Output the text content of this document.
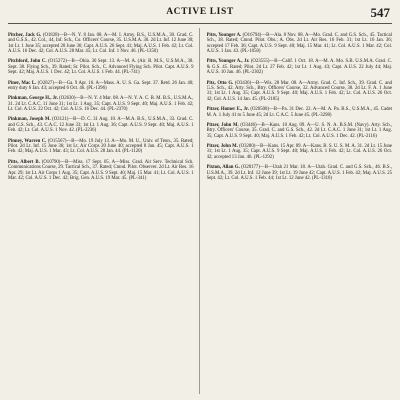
ACTIVE LIST	547

Pitcher, Jack G. (O1828)—B—N. Y. 8 Jan. 08. A—M. I. Army. B.S., U.S.M.A., 30. Grad. C. and G.S.S., 42. Col., 44, Inf. Sch., Co. Officers' Course, 35. U.S.M.A. 30. 2d Lt. Inf. 12 June 30; 1st Lt. 1 June 35; accepted 20 June 36; Capt. A.U.S. 26 Sept. 41; Maj. A.U.S. 1 Feb. 42; Lt. Col. A.U.S. 16 Dec. 42; Col. A.U.S. 28 Mar. 45; Lt. Col. Inf. 1 Nov. 46. (PL-1350)

Pitchford, John C. (O15272)—B—Okla. 30 Sept. 13. A—M. A. (Air. B. M.S., U.S.M.A., 38. Sept. 38. Flying Sch., 39. Rated; Sr. Pilot. Sch., C. Advanced Flying Sch. Pilot. Capt. A.U.S. 9 Sept. 42; Maj. A.U.S. 1 Dec. 42; Lt. Col. A.U.S. 1 Feb. 44. (PL-741)

Piner, Mac L. (O2027)—B—Ga. 9 Apr. 16. A—Mass. A. U. S. Ga. Sept. 37. Retd. 26 Jan. 40; entry duty 6 Jan. 43; accepted 6 Oct. 46. (PL-1396)

Pinkman, George H., Jr. (O2630)—B—N. Y. 4 Mar. 08. A—N. Y. A. C. B. M. B.S., U.S.M.A., 31. 2d Lt. C.A.C. 11 June 31; 1st Lt. 1 Aug. 35; Capt. A.U.S. 9 Sept. 40; Maj. A.U.S. 1 Feb. 42; Lt. Col. A.U.S. 22 Oct. 42; Col. A.U.S. 16 Dec. 44. (PL-2370)

Pinkman, Joseph M. (O3121)—B—D. C. 31 Aug. 10. A—M.A. B.S., U.S.M.A., 33. Grad. C. and G.S. Sch., 43. C.A.C. 12 June 33; 1st Lt. 1 Aug. 36; Capt. A.U.S. 9 Sept. 40; Maj. A.U.S. 1 Feb. 42; Lt. Col. A.U.S. 1 Nov. 42. (PL-2236)

Pinney, Warren C. (O15567)—B—Mo. 19 July 13. A—Mo. M. U., Univ. of Tenn., 35. Rated; Pilot. 2d Lt. Inf. 15 June 36; 1st Lt. Air Corps 20 June 40; accepted 8 Jan. 45; Capt. A.U.S. 1 Feb. 42; Maj. A.U.S. 1 Mar. 43; Lt. Col. A.U.S. 28 Jan. 44. (PL-1120)

Pitts, Albert B. (O10790)—B—Miss. 17 Sept. 05. A—Miss. Grad. Air Serv. Technical Sch. Communications Course, 29. Tactical Sch., 37. Rated; Cmnd. Pilot. Observer. 2d Lt. Air Res. 16 Apr. 29; 1st Lt. Air Corps 1 Aug. 35; Capt. A.U.S. 9 Sept. 40; Maj. 15 Mar. 41; Lt. Col. A.U.S. 1 Mar. 42; Col. A.U.S. 1 Dec. 42; Brig. Gen. A.U.S. 19 Mar. 45. (PL-341)

Pitts, Younger A. (O16794)—B—Ala. 8 Nov. 08. A—Mo. Grad. C. and G.S. Sch., 45. Tactical Sch., 38. Rated; Cmnd. Pilot. Obs.; A. Obs. 2d Lt. Air Res. 16 Feb. 31; 1st Lt. 16 Jan. 36; accepted 17 Feb. 36; Capt. A.U.S. 9 Sept. 40; Maj. 15 Mar. 41; Lt. Col. A.U.S. 1 Mar. 42; Col. A.U.S. 1 Jan. 43. (PL-1050)

Pitts, Younger A., Jr. (O23555)—B—Calif. 1 Oct. 18. A—M. A. Mo. S.B. U.S.M.A. Grad. C. & G.S. 45. Rated; Pilot. 2d Lt. 27 Feb. 42; 1st Lt. 1 Aug. 43; Capt. A.U.S. 22 July 44; Maj. A.U.S. 10 Jan. 46. (PL-2302)

Pitz, Otto G. (O3436)—B—Wis. 28 Mar. 08. A—Army. Grad. C. Inf. Sch., 39. Grad. C. and G.S. Sch., 42. Arty. Sch., Btry. Officers' Course, 32. Advanced Course, 38. 2d Lt. F. A. 1 June 31; 1st Lt. 1 Aug. 35; Capt. A.U.S. 9 Sept. 40; Maj. A.U.S. 1 Feb. 42; Lt. Col. A.U.S. 26 Oct. 42; Col. A.U.S. 14 Jan. 45. (PL-2185)

Pitzer, Homer E., Jr. (O20500)—B—Pa. 31 Dec. 22. A—M. A. Pa. B.S., U.S.M.A., 45. Cadet M. A. 1 July 41 to 5 June 45; 2d Lt. C.A.C. 5 June 45. (PL-3298)

Pitzer, John M. (O3446)—B—Kans. 10 Aug. 09. A—U. S. N. A. B.S.M. (Navy). Arty. Sch., Btry. Officers' Course, 35. Grad. C. and G.S. Sch., 42. 2d Lt. C.A.C. 1 June 31; 1st Lt. 1 Aug. 35; Capt. A.U.S. 9 Sept. 40; Maj. A.U.S. 1 Feb. 42; Lt. Col. A.U.S. 1 Dec. 42. (PL-2116)

Pitzer, John M. (O3280)—B—Kans. 15 Apr. 09. A—Kans. B. S. U. S. M. A. 31. 2d Lt. 15 June 31; 1st Lt. 1 Aug. 35; Capt. A.U.S. 9 Sept. 40; Maj. A.U.S. 1 Feb. 42; Lt. Col. A.U.S. 26 Oct. 42; accepted 13 Jan. 46. (PL-1292)

Pixton, Allan G. (O20177)—B—Utah 21 Mar. 18. A—Utah. Grad. C. and G.S. Sch., 46. B.S., U.S.M.A., 39. 2d Lt. Inf. 12 June 39; 1st Lt. 19 June 42; Capt. A.U.S. 1 Feb. 42; Maj. A.U.S. 25 Sept. 42; Lt. Col. A.U.S. 1 Feb. 44; 1st Lt. 12 June 42. (PL-1310)
